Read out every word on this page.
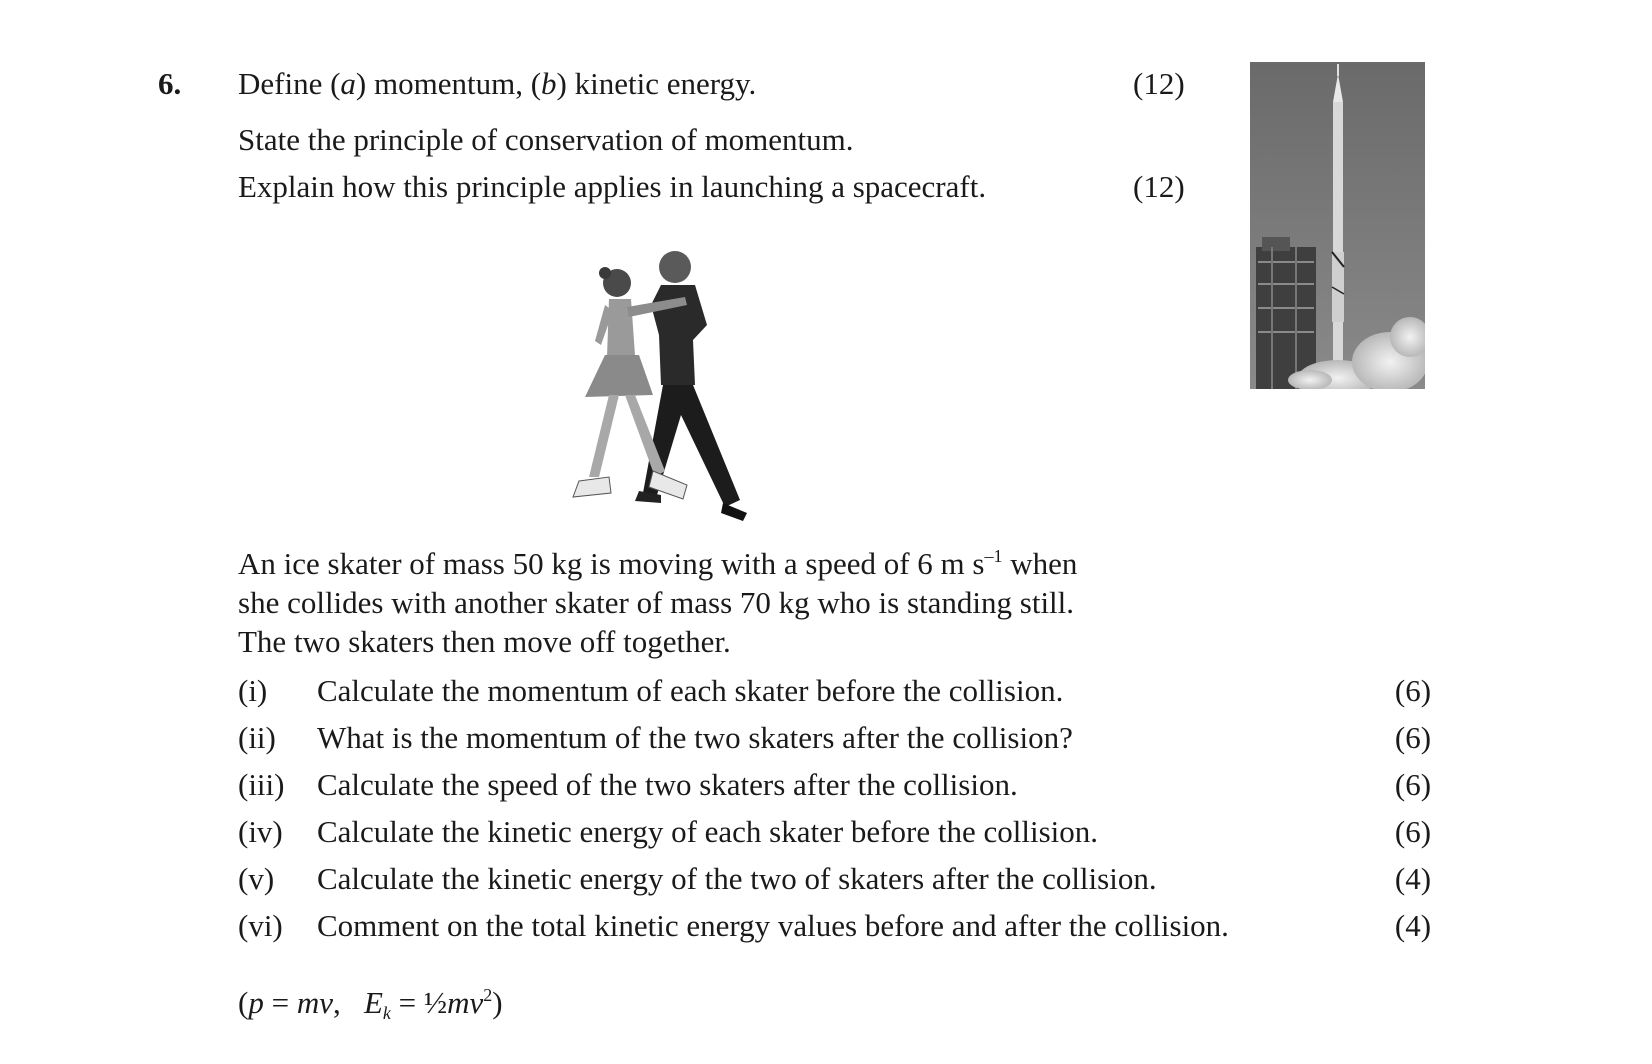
6. Define (a) momentum, (b) kinetic energy.	(12)
State the principle of conservation of momentum.
Explain how this principle applies in launching a spacecraft.	(12)
An ice skater of mass 50 kg is moving with a speed of 6 m $s^{-1}$ when
she collides with another skater of mass 70 kg who is standing still.
The two skaters then move off together.
(i) Calculate the momentum of each skater before the collision.	(6)
(ii) What is the momentum of the two skaters after the collision?	(6)
(iii) Calculate the speed of the two skaters after the collision.	(6)
(iv) Calculate the kinetic energy of each skater before the collision.	(6)
(v) Calculate the kinetic energy of the two of skaters after the collision.	(4)
(vi) Comment on the total kinetic energy values before and after the collision.	(4)
(p = mv,   $E_k$ = $\frac{1}{2}mv^2$)
